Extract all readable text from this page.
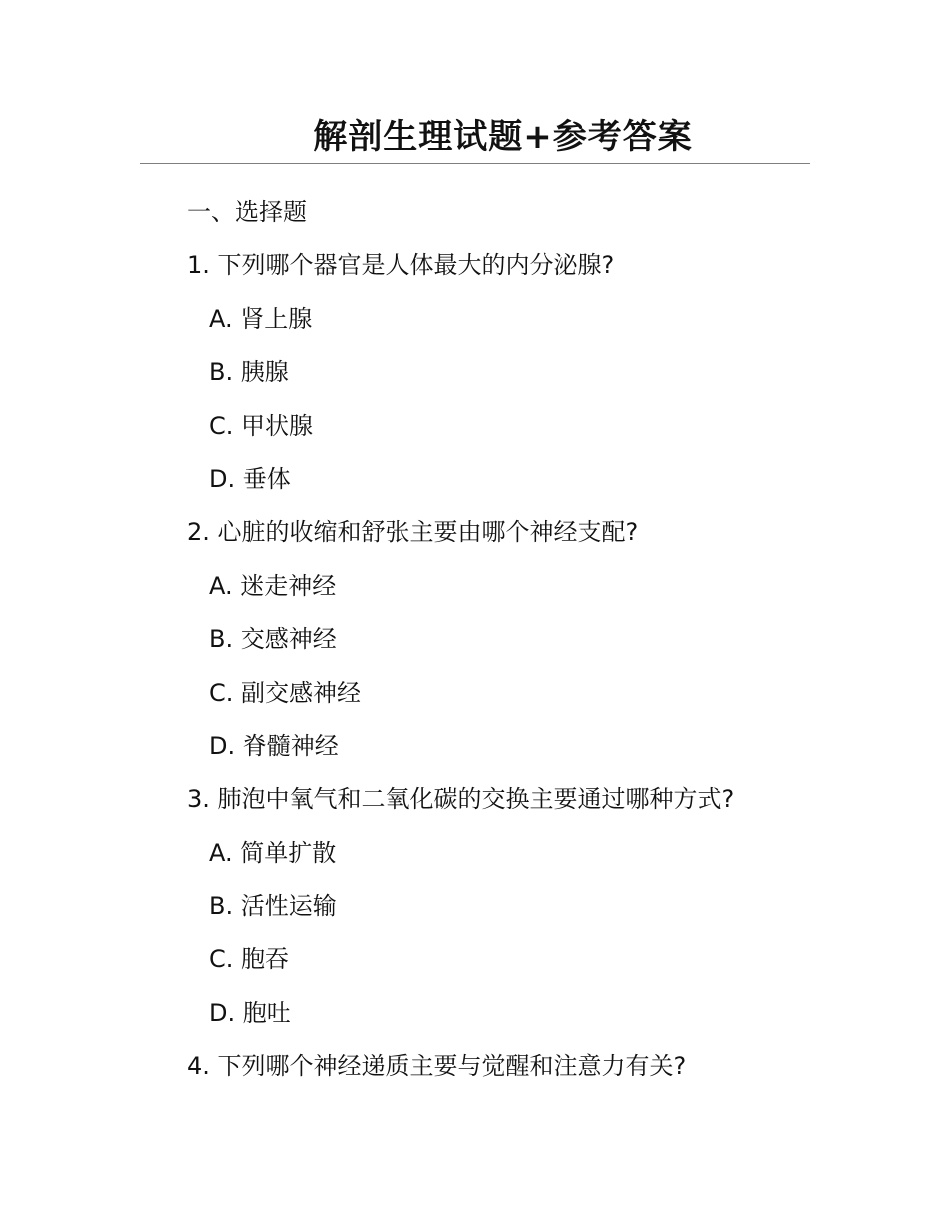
解剖生理试题+参考答案
一、选择题
1. 下列哪个器官是人体最大的内分泌腺?
A. 肾上腺
B. 胰腺
C. 甲状腺
D. 垂体
2. 心脏的收缩和舒张主要由哪个神经支配?
A. 迷走神经
B. 交感神经
C. 副交感神经
D. 脊髓神经
3. 肺泡中氧气和二氧化碳的交换主要通过哪种方式?
A. 简单扩散
B. 活性运输
C. 胞吞
D. 胞吐
4. 下列哪个神经递质主要与觉醒和注意力有关?
